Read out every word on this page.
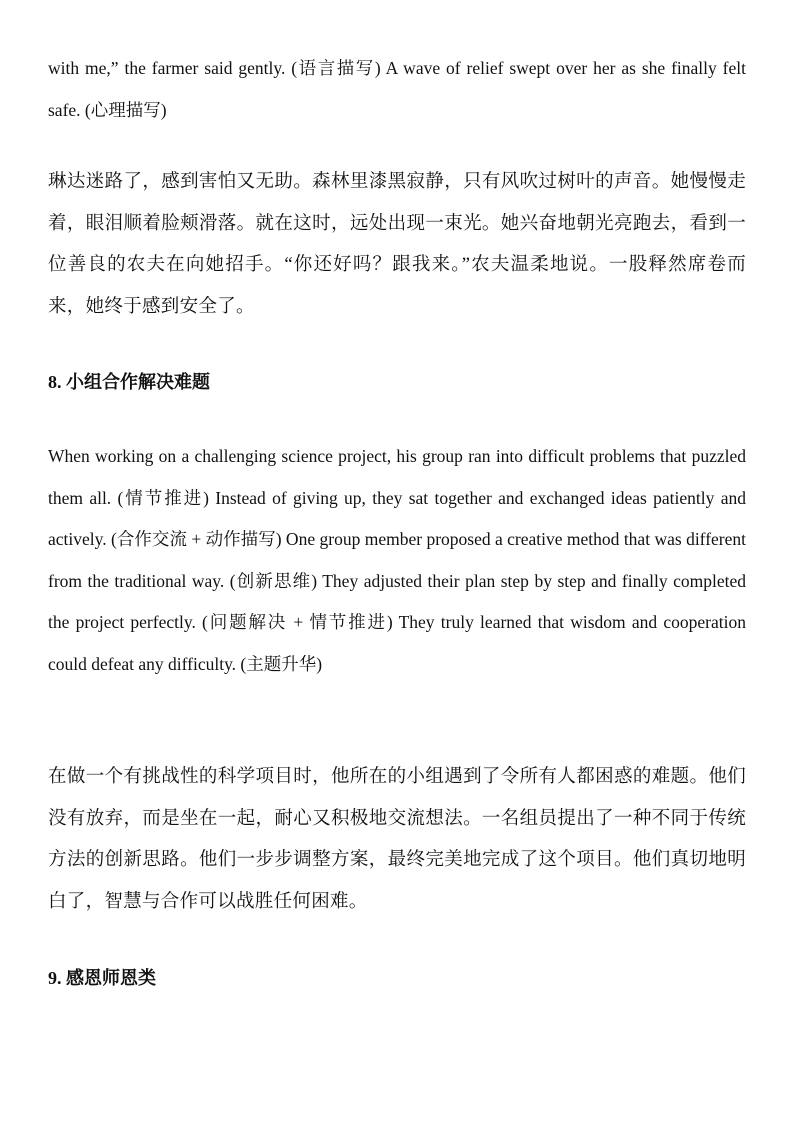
with me,” the farmer said gently. (语言描写) A wave of relief swept over her as she finally felt safe. (心理描写)

琳达迷路了，感到害怕又无助。森林里漆黑寂静，只有风吹过树叶的声音。她慢慢走着，眼泪顺着脸颊滑落。就在这时，远处出现一束光。她兴奋地朝光亮跑去，看到一位善良的农夫在向她招手。“你还好吗？跟我来。”农夫温柔地说。一股释然席卷而来，她终于感到安全了。

8. 小组合作解决难题

When working on a challenging science project, his group ran into difficult problems that puzzled them all. (情节推进) Instead of giving up, they sat together and exchanged ideas patiently and actively. (合作交流 + 动作描写) One group member proposed a creative method that was different from the traditional way. (创新思维) They adjusted their plan step by step and finally completed the project perfectly. (问题解决 + 情节推进) They truly learned that wisdom and cooperation could defeat any difficulty. (主题升华)

在做一个有挑战性的科学项目时，他所在的小组遇到了令所有人都困惑的难题。他们没有放弃，而是坐在一起，耐心又积极地交流想法。一名组员提出了一种不同于传统方法的创新思路。他们一步步调整方案，最终完美地完成了这个项目。他们真切地明白了，智慧与合作可以战胜任何困难。

9. 感恩师恩类
